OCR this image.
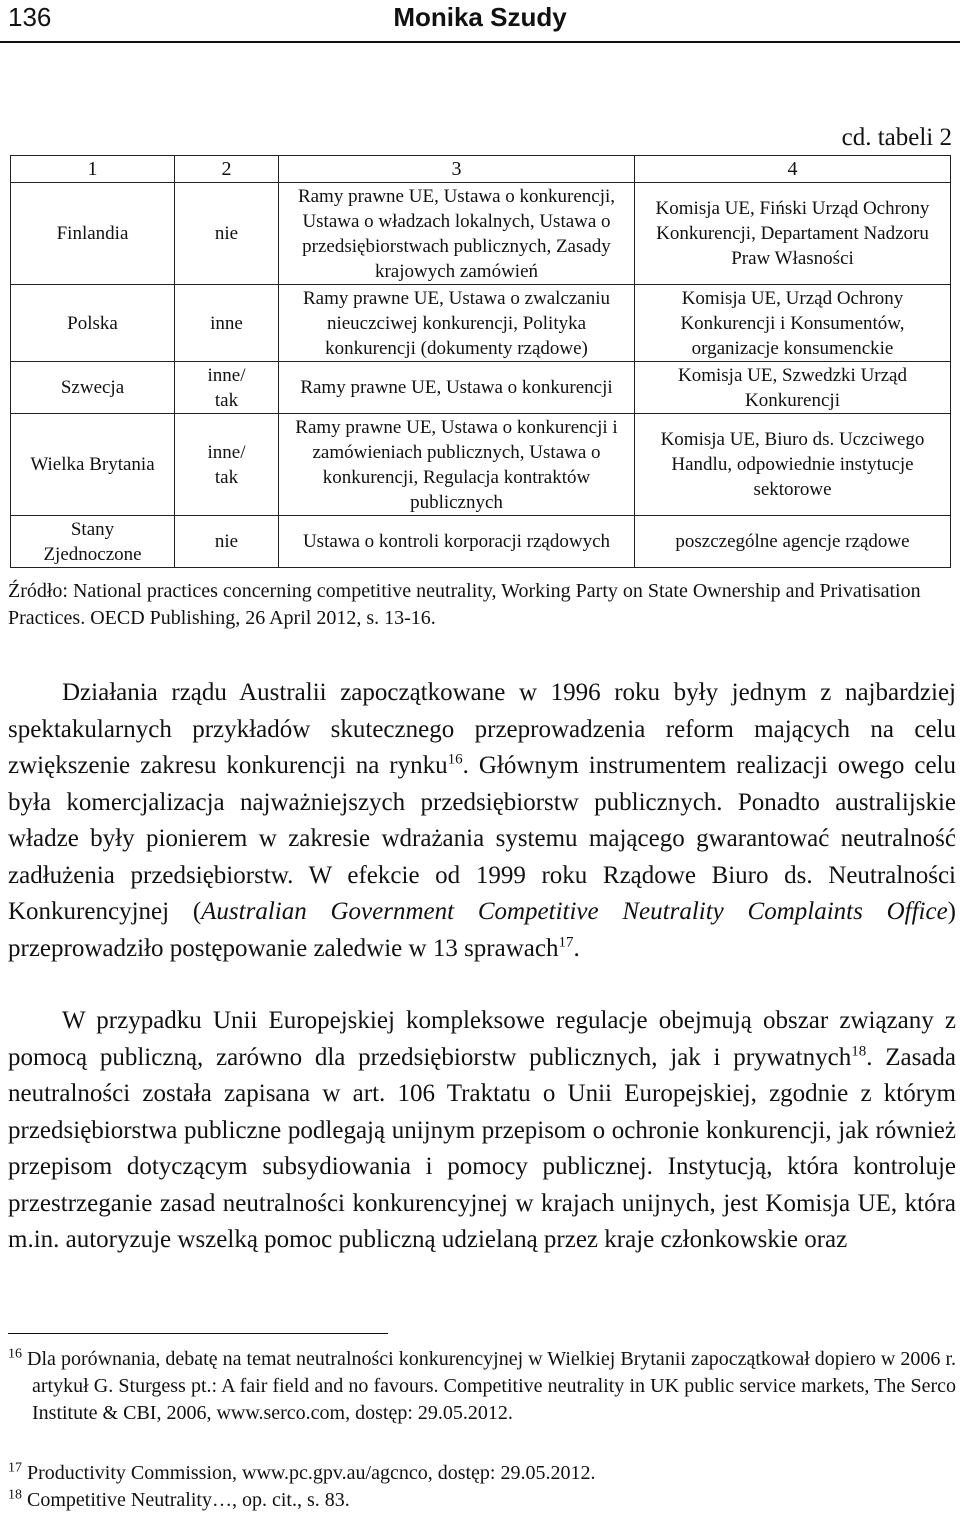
136	Monika Szudy
cd. tabeli 2
1	2	3	4
Finlandia	nie	Ramy prawne UE, Ustawa o konkurencji, Ustawa o władzach lokalnych, Ustawa o przedsiębiorstwach publicznych, Zasady krajowych zamówień	Komisja UE, Fiński Urząd Ochrony Konkurencji, Departament Nadzoru Praw Własności
Polska	inne	Ramy prawne UE, Ustawa o zwalczaniu nieuczciwej konkurencji, Polityka konkurencji (dokumenty rządowe)	Komisja UE, Urząd Ochrony Konkurencji i Konsumentów, organizacje konsumenckie
Szwecja	inne/ tak	Ramy prawne UE, Ustawa o konkurencji	Komisja UE, Szwedzki Urząd Konkurencji
Wielka Brytania	inne/ tak	Ramy prawne UE, Ustawa o konkurencji i zamówieniach publicznych, Ustawa o konkurencji, Regulacja kontraktów publicznych	Komisja UE, Biuro ds. Uczciwego Handlu, odpowiednie instytucje sektorowe
Stany Zjednoczone	nie	Ustawa o kontroli korporacji rządowych	poszczególne agencje rządowe
Źródło: National practices concerning competitive neutrality, Working Party on State Ownership and Privatisation Practices. OECD Publishing, 26 April 2012, s. 13-16.

Działania rządu Australii zapoczątkowane w 1996 roku były jednym z najbardziej spektakularnych przykładów skutecznego przeprowadzenia reform mających na celu zwiększenie zakresu konkurencji na rynku$^{16}$. Głównym instrumentem realizacji owego celu była komercjalizacja najważniejszych przedsiębiorstw publicznych. Ponadto australijskie władze były pionierem w zakresie wdrażania systemu mającego gwarantować neutralność zadłużenia przedsiębiorstw. W efekcie od 1999 roku Rządowe Biuro ds. Neutralności Konkurencyjnej (Australian Government Competitive Neutrality Complaints Office) przeprowadziło postępowanie zaledwie w 13 sprawach$^{17}$.

W przypadku Unii Europejskiej kompleksowe regulacje obejmują obszar związany z pomocą publiczną, zarówno dla przedsiębiorstw publicznych, jak i prywatnych$^{18}$. Zasada neutralności została zapisana w art. 106 Traktatu o Unii Europejskiej, zgodnie z którym przedsiębiorstwa publiczne podlegają unijnym przepisom o ochronie konkurencji, jak również przepisom dotyczącym subsydiowania i pomocy publicznej. Instytucją, która kontroluje przestrzeganie zasad neutralności konkurencyjnej w krajach unijnych, jest Komisja UE, która m.in. autoryzuje wszelką pomoc publiczną udzielaną przez kraje członkowskie oraz

$^{16}$ Dla porównania, debatę na temat neutralności konkurencyjnej w Wielkiej Brytanii zapoczątkował dopiero w 2006 r. artykuł G. Sturgess pt.: A fair field and no favours. Competitive neutrality in UK public service markets, The Serco Institute & CBI, 2006, www.serco.com, dostęp: 29.05.2012.
$^{17}$ Productivity Commission, www.pc.gpv.au/agcnco, dostęp: 29.05.2012.
$^{18}$ Competitive Neutrality…, op. cit., s. 83.
